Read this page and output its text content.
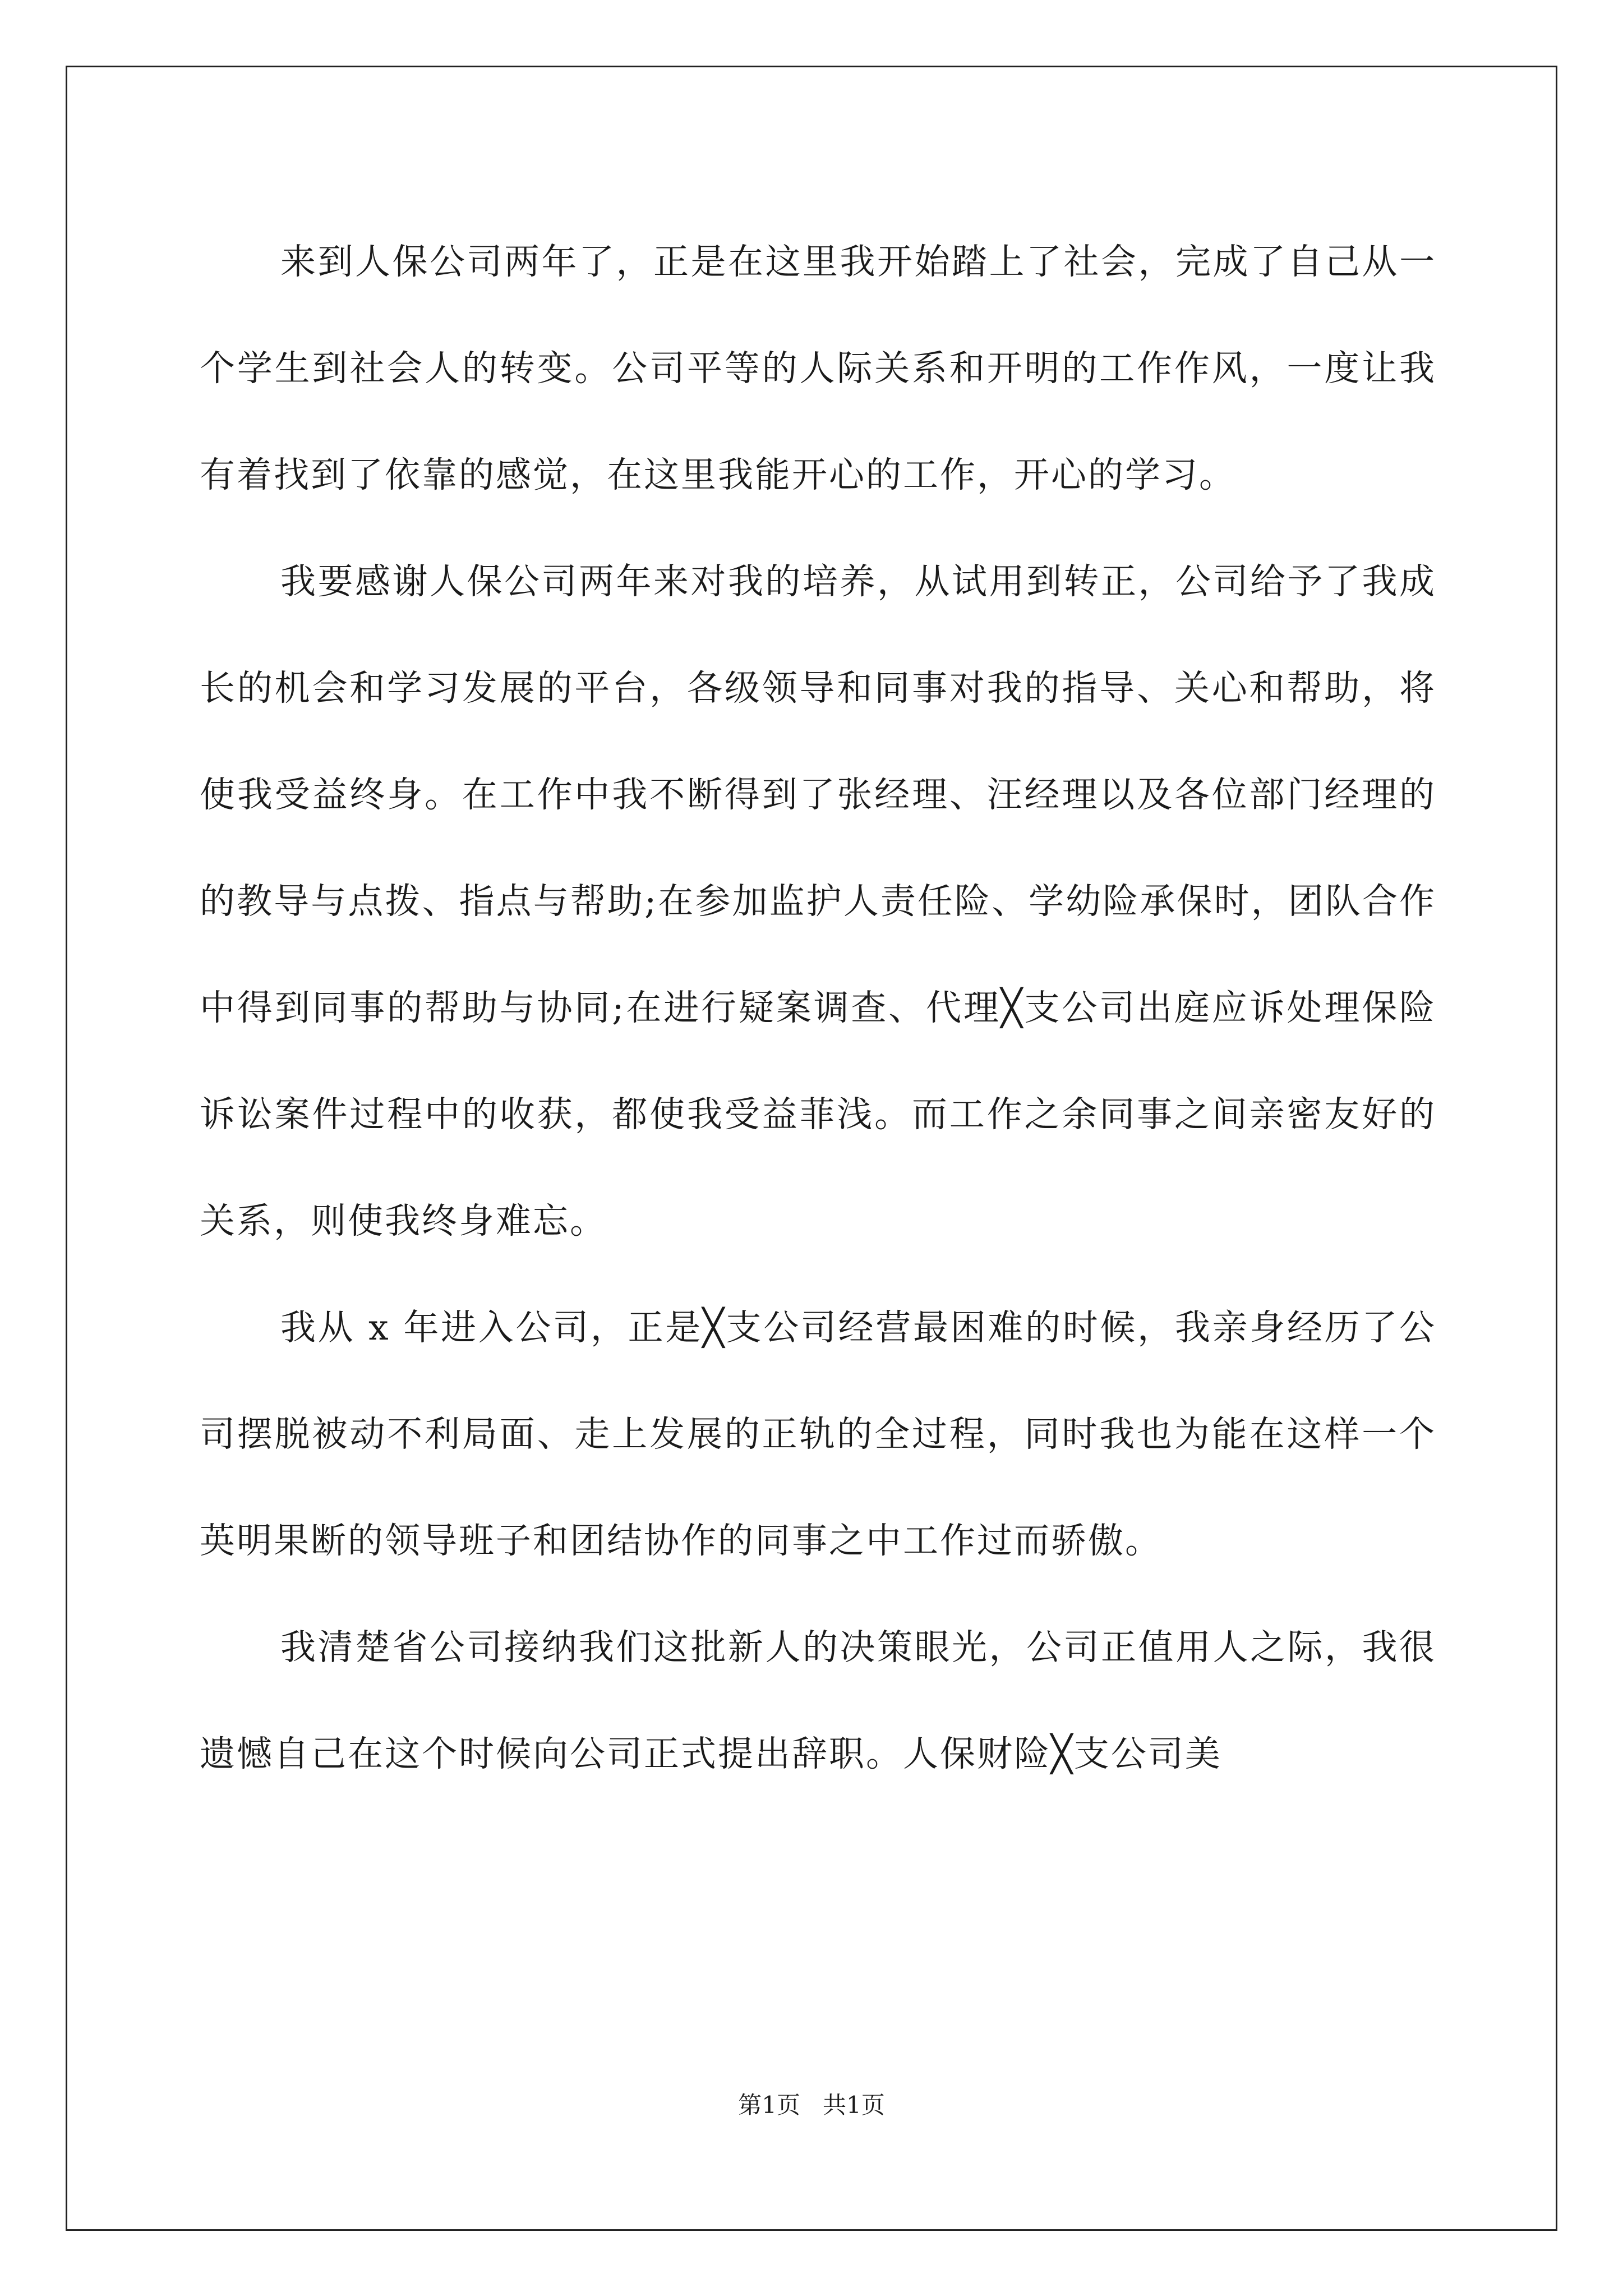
来到人保公司两年了，正是在这里我开始踏上了社会，完成了自己从一个学生到社会人的转变。公司平等的人际关系和开明的工作作风，一度让我有着找到了依靠的感觉，在这里我能开心的工作，开心的学习。

我要感谢人保公司两年来对我的培养，从试用到转正，公司给予了我成长的机会和学习发展的平台，各级领导和同事对我的指导、关心和帮助，将使我受益终身。在工作中我不断得到了张经理、汪经理以及各位部门经理的的教导与点拨、指点与帮助;在参加监护人责任险、学幼险承保时，团队合作中得到同事的帮助与协同;在进行疑案调查、代理╳支公司出庭应诉处理保险诉讼案件过程中的收获，都使我受益菲浅。而工作之余同事之间亲密友好的关系，则使我终身难忘。

我从 x 年进入公司，正是╳支公司经营最困难的时候，我亲身经历了公司摆脱被动不利局面、走上发展的正轨的全过程，同时我也为能在这样一个英明果断的领导班子和团结协作的同事之中工作过而骄傲。

我清楚省公司接纳我们这批新人的决策眼光，公司正值用人之际，我很遗憾自己在这个时候向公司正式提出辞职。人保财险╳支公司美

第1页 共1页
